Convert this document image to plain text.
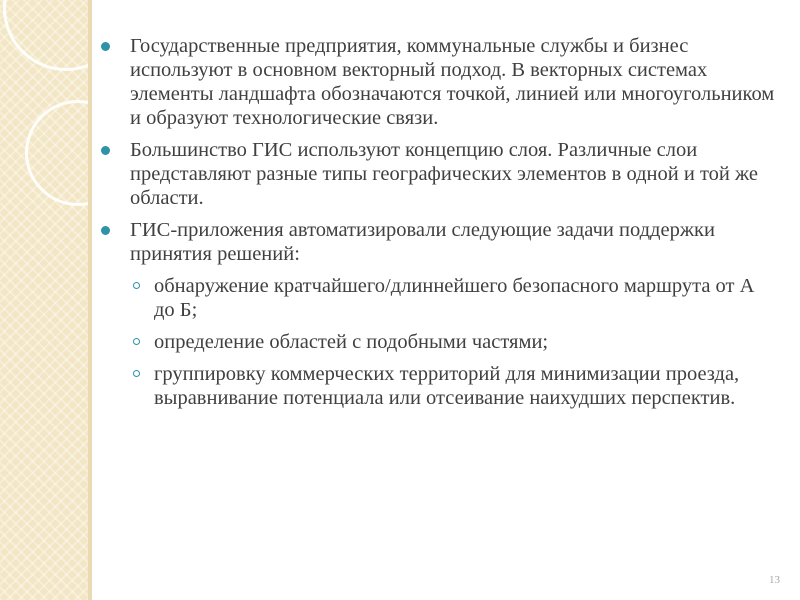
Государственные предприятия, коммунальные службы и бизнес используют в основном векторный подход. В векторных системах элементы ландшафта обозначаются точкой, линией или многоугольником и образуют технологические связи.
Большинство ГИС используют концепцию слоя. Различные слои представляют разные типы географических элементов в одной и той же области.
ГИС-приложения автоматизировали следующие задачи поддержки принятия решений:
обнаружение кратчайшего/длиннейшего безопасного маршрута от А до Б;
определение областей с подобными частями;
группировку коммерческих территорий для минимизации проезда, выравнивание потенциала или отсеивание наихудших перспектив.
13
